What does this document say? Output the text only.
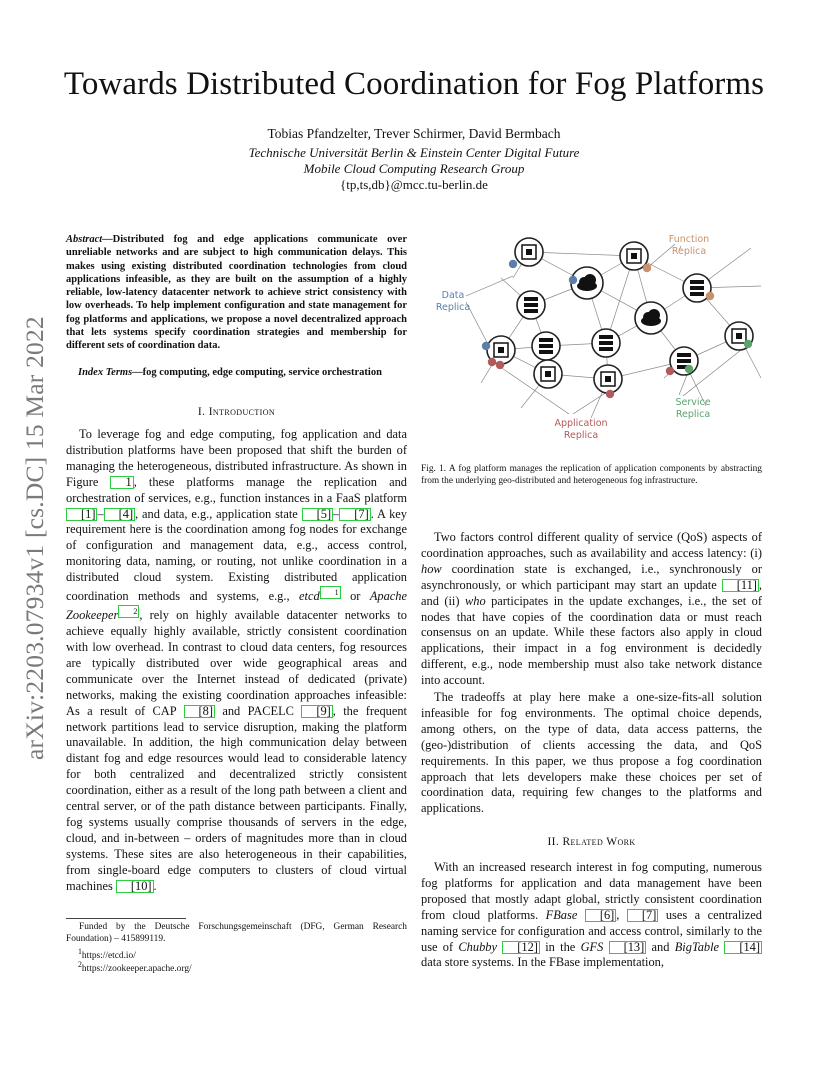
arXiv:2203.07934v1 [cs.DC] 15 Mar 2022
Towards Distributed Coordination for Fog Platforms
Tobias Pfandzelter, Trever Schirmer, David Bermbach
Technische Universität Berlin & Einstein Center Digital Future
Mobile Cloud Computing Research Group
{tp,ts,db}@mcc.tu-berlin.de
Abstract—Distributed fog and edge applications communicate over unreliable networks and are subject to high communication delays. This makes using existing distributed coordination technologies from cloud applications infeasible, as they are built on the assumption of a highly reliable, low-latency datacenter network to achieve strict consistency with low overheads. To help implement configuration and state management for fog platforms and applications, we propose a novel decentralized approach that lets systems specify coordination strategies and membership for different sets of coordination data.
Index Terms—fog computing, edge computing, service orchestration
I. Introduction

To leverage fog and edge computing, fog application and data distribution platforms have been proposed that shift the burden of managing the heterogeneous, distributed infrastructure. As shown in Figure 1 , these platforms manage the replication and orchestration of services, e.g., function instances in a FaaS platform [1] – [4] , and data, e.g., application state [5] – [7] . A key requirement here is the coordination among fog nodes for exchange of configuration and management data, e.g., access control, monitoring data, naming, or routing, not unlike coordination in a distributed cloud system. Existing distributed application coordination methods and systems, e.g., etcd $^1$ or Apache Zookeeper $^2$ , rely on highly available datacenter networks to achieve equally highly available, strictly consistent coordination with low overhead. In contrast to cloud data centers, fog resources are typically distributed over wide geographical areas and communicate over the Internet instead of dedicated (private) networks, making the existing coordination approaches infeasible: As a result of CAP [8] and PACELC [9] , the frequent network partitions lead to service disruption, making the platform unavailable. In addition, the high communication delay between distant fog and edge resources would lead to considerable latency for both centralized and decentralized strictly consistent coordination, either as a result of the long path between a client and central server, or of the path distance between participants. Finally, fog systems usually comprise thousands of servers in the edge, cloud, and in-between – orders of magnitudes more than in cloud systems. These sites are also heterogeneous in their capabilities, from single-board edge computers to clusters of cloud virtual machines [10] .

Funded by the Deutsche Forschungsgemeinschaft (DFG, German Research Foundation) – 415899119.

$^1$https://etcd.io/
$^2$https://zookeeper.apache.org/
Function
Replica
Data
Replica
Service
Replica
Application
Replica
Fig. 1. A fog platform manages the replication of application components by abstracting from the underlying geo-distributed and heterogeneous fog infrastructure.

Two factors control different quality of service (QoS) aspects of coordination approaches, such as availability and access latency: (i) how coordination state is exchanged, i.e., synchronously or asynchronously, or which participant may start an update [11] , and (ii) who participates in the update exchanges, i.e., the set of nodes that have copies of the coordination data or must reach consensus on an update. While these factors also apply in cloud applications, their impact in a fog environment is decidedly different, e.g., node membership must also take network distance into account.

The tradeoffs at play here make a one-size-fits-all solution infeasible for fog environments. The optimal choice depends, among others, on the type of data, data access patterns, the (geo-)distribution of clients accessing the data, and QoS requirements. In this paper, we thus propose a fog coordination approach that lets developers make these choices per set of coordination data, requiring few changes to the platforms and applications.

II. Related Work

With an increased research interest in fog computing, numerous fog platforms for application and data management have been proposed that mostly adapt global, strictly consistent coordination from cloud platforms. FBase [6] , [7] uses a centralized naming service for configuration and access control, similarly to the use of Chubby [12] in the GFS [13] and BigTable [14] data store systems. In the FBase implementation,
